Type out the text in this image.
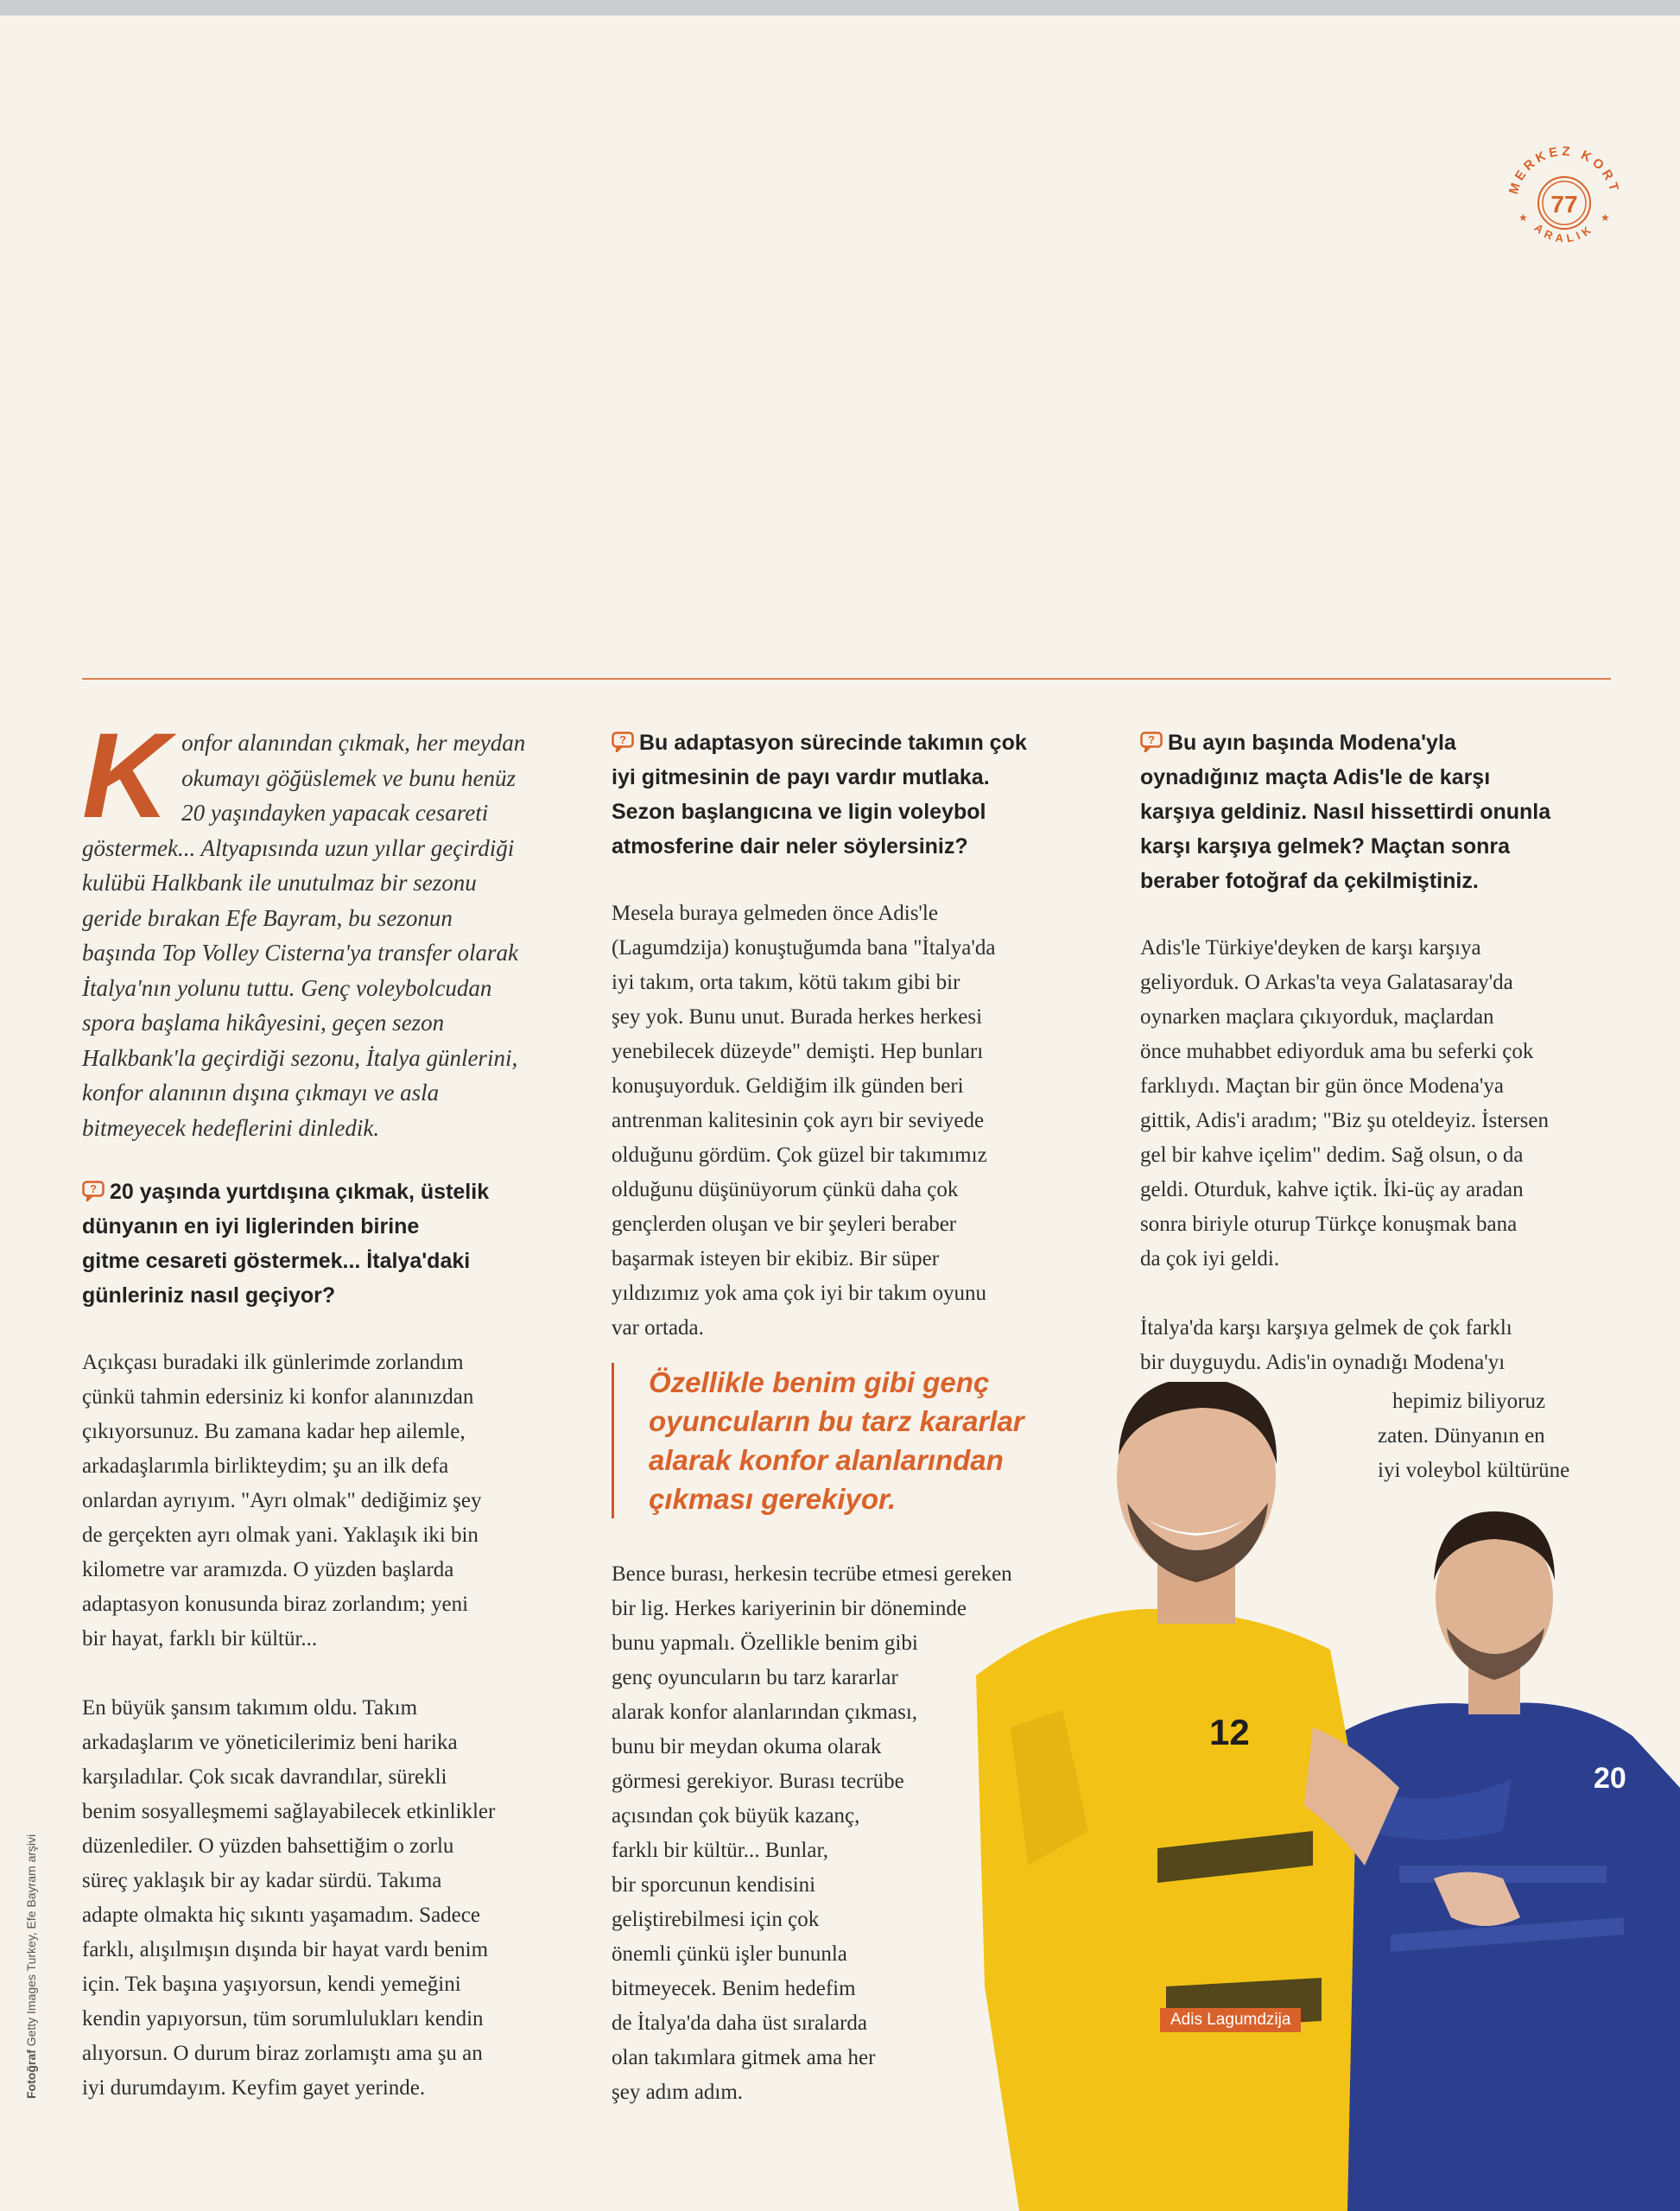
77
MERKEZ KORT
ARALIK
★	★
K onfor alanından çıkmak, her meydan
okumayı göğüslemek ve bunu henüz
20 yaşındayken yapacak cesareti
göstermek... Altyapısında uzun yıllar geçirdiği
kulübü Halkbank ile unutulmaz bir sezonu
geride bırakan Efe Bayram, bu sezonun
başında Top Volley Cisterna'ya transfer olarak
İtalya'nın yolunu tuttu. Genç voleybolcudan
spora başlama hikâyesini, geçen sezon
Halkbank'la geçirdiği sezonu, İtalya günlerini,
konfor alanının dışına çıkmayı ve asla
bitmeyecek hedeflerini dinledik.
? 20 yaşında yurtdışına çıkmak, üstelik
dünyanın en iyi liglerinden birine
gitme cesareti göstermek... İtalya'daki
günleriniz nasıl geçiyor?
Açıkçası buradaki ilk günlerimde zorlandım
çünkü tahmin edersiniz ki konfor alanınızdan
çıkıyorsunuz. Bu zamana kadar hep ailemle,
arkadaşlarımla birlikteydim; şu an ilk defa
onlardan ayrıyım. "Ayrı olmak" dediğimiz şey
de gerçekten ayrı olmak yani. Yaklaşık iki bin
kilometre var aramızda. O yüzden başlarda
adaptasyon konusunda biraz zorlandım; yeni
bir hayat, farklı bir kültür...
En büyük şansım takımım oldu. Takım
arkadaşlarım ve yöneticilerimiz beni harika
karşıladılar. Çok sıcak davrandılar, sürekli
benim sosyalleşmemi sağlayabilecek etkinlikler
düzenlediler. O yüzden bahsettiğim o zorlu
süreç yaklaşık bir ay kadar sürdü. Takıma
adapte olmakta hiç sıkıntı yaşamadım. Sadece
farklı, alışılmışın dışında bir hayat vardı benim
için. Tek başına yaşıyorsun, kendi yemeğini
kendin yapıyorsun, tüm sorumlulukları kendin
alıyorsun. O durum biraz zorlamıştı ama şu an
iyi durumdayım. Keyfim gayet yerinde.
? Bu adaptasyon sürecinde takımın çok
iyi gitmesinin de payı vardır mutlaka.
Sezon başlangıcına ve ligin voleybol
atmosferine dair neler söylersiniz?
Mesela buraya gelmeden önce Adis'le
(Lagumdzija) konuştuğumda bana "İtalya'da
iyi takım, orta takım, kötü takım gibi bir
şey yok. Bunu unut. Burada herkes herkesi
yenebilecek düzeyde" demişti. Hep bunları
konuşuyorduk. Geldiğim ilk günden beri
antrenman kalitesinin çok ayrı bir seviyede
olduğunu gördüm. Çok güzel bir takımımız
olduğunu düşünüyorum çünkü daha çok
gençlerden oluşan ve bir şeyleri beraber
başarmak isteyen bir ekibiz. Bir süper
yıldızımız yok ama çok iyi bir takım oyunu
var ortada.

Özellikle benim gibi genç

oyuncuların bu tarz kararlar

alarak konfor alanlarından

çıkması gerekiyor.

Bence burası, herkesin tecrübe etmesi gereken
bir lig. Herkes kariyerinin bir döneminde
bunu yapmalı. Özellikle benim gibi
genç oyuncuların bu tarz kararlar
alarak konfor alanlarından çıkması,
bunu bir meydan okuma olarak
görmesi gerekiyor. Burası tecrübe
açısından çok büyük kazanç,
farklı bir kültür... Bunlar,
bir sporcunun kendisini
geliştirebilmesi için çok
önemli çünkü işler bununla
bitmeyecek. Benim hedefim
de İtalya'da daha üst sıralarda
olan takımlara gitmek ama her
şey adım adım.
? Bu ayın başında Modena'yla
oynadığınız maçta Adis'le de karşı
karşıya geldiniz. Nasıl hissettirdi onunla
karşı karşıya gelmek? Maçtan sonra
beraber fotoğraf da çekilmiştiniz.
Adis'le Türkiye'deyken de karşı karşıya
geliyorduk. O Arkas'ta veya Galatasaray'da
oynarken maçlara çıkıyorduk, maçlardan
önce muhabbet ediyorduk ama bu seferki çok
farklıydı. Maçtan bir gün önce Modena'ya
gittik, Adis'i aradım; "Biz şu oteldeyiz. İstersen
gel bir kahve içelim" dedim. Sağ olsun, o da
geldi. Oturduk, kahve içtik. İki-üç ay aradan
sonra biriyle oturup Türkçe konuşmak bana
da çok iyi geldi.
İtalya'da karşı karşıya gelmek de çok farklı
bir duyguydu. Adis'in oynadığı Modena'yı
20
12
Adis Lagumdzija
hepimiz biliyoruz
zaten. Dünyanın en
iyi voleybol kültürüne
Fotoğraf Getty Images Turkey, Efe Bayram arşivi
